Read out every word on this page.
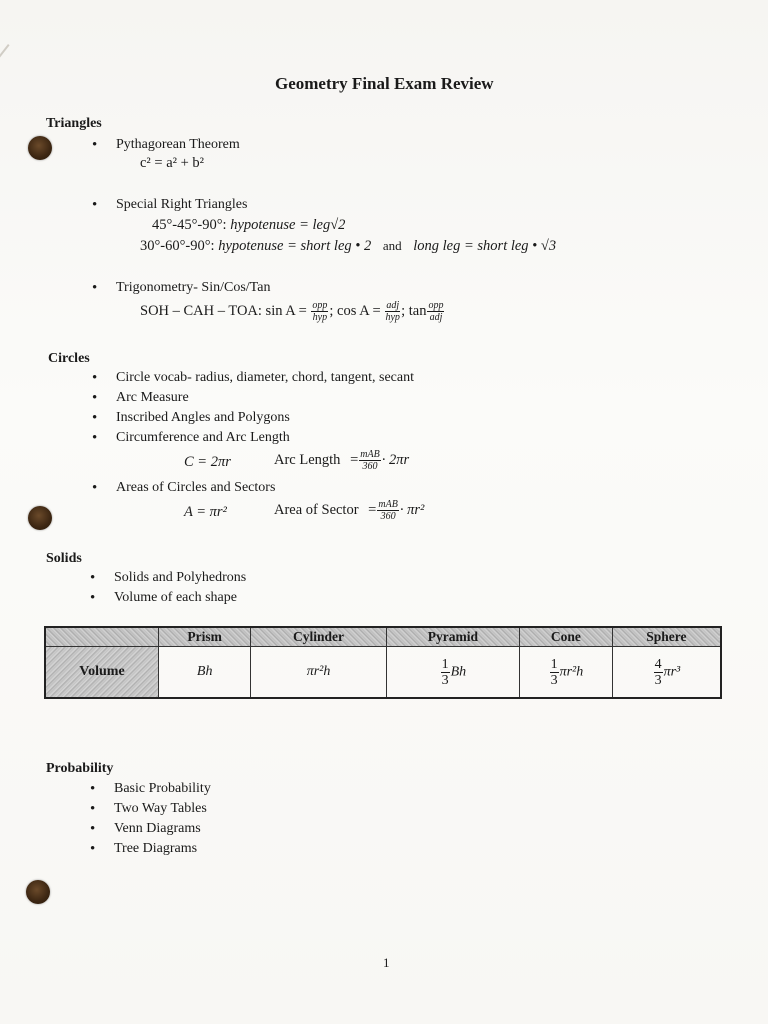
Geometry Final Exam Review
Triangles
• Pythagorean Theorem
c² = a² + b²
• Special Right Triangles
45°-45°-90°: hypotenuse = leg√2
30°-60°-90°: hypotenuse = short leg • 2 and long leg = short leg • √3
• Trigonometry- Sin/Cos/Tan
SOH – CAH – TOA: $\sin A = \frac{\text{opp}}{\text{hyp}}$ ; $\cos A = \frac{\text{adj}}{\text{hyp}}$ ; $\tan \frac{\text{opp}}{\text{adj}}$
Circles
• Circle vocab- radius, diameter, chord, tangent, secant
• Arc Measure
• Inscribed Angles and Polygons
• Circumference and Arc Length
C = 2πr	Arc Length = $\frac{\text{mAB}}{360} \cdot 2\pi r$
• Areas of Circles and Sectors
A = πr²	Area of Sector = $\frac{\text{mAB}}{360} \cdot \pi r^2$
Solids
• Solids and Polyhedrons
• Volume of each shape
	Prism	Cylinder	Pyramid	Cone	Sphere
Volume	Bh	πr²h	$\frac{1}{3}$ Bh	$\frac{1}{3} \pi r^2h$	$\frac{4}{3} \pi r^3$
Probability
• Basic Probability
• Two Way Tables
• Venn Diagrams
• Tree Diagrams
1
